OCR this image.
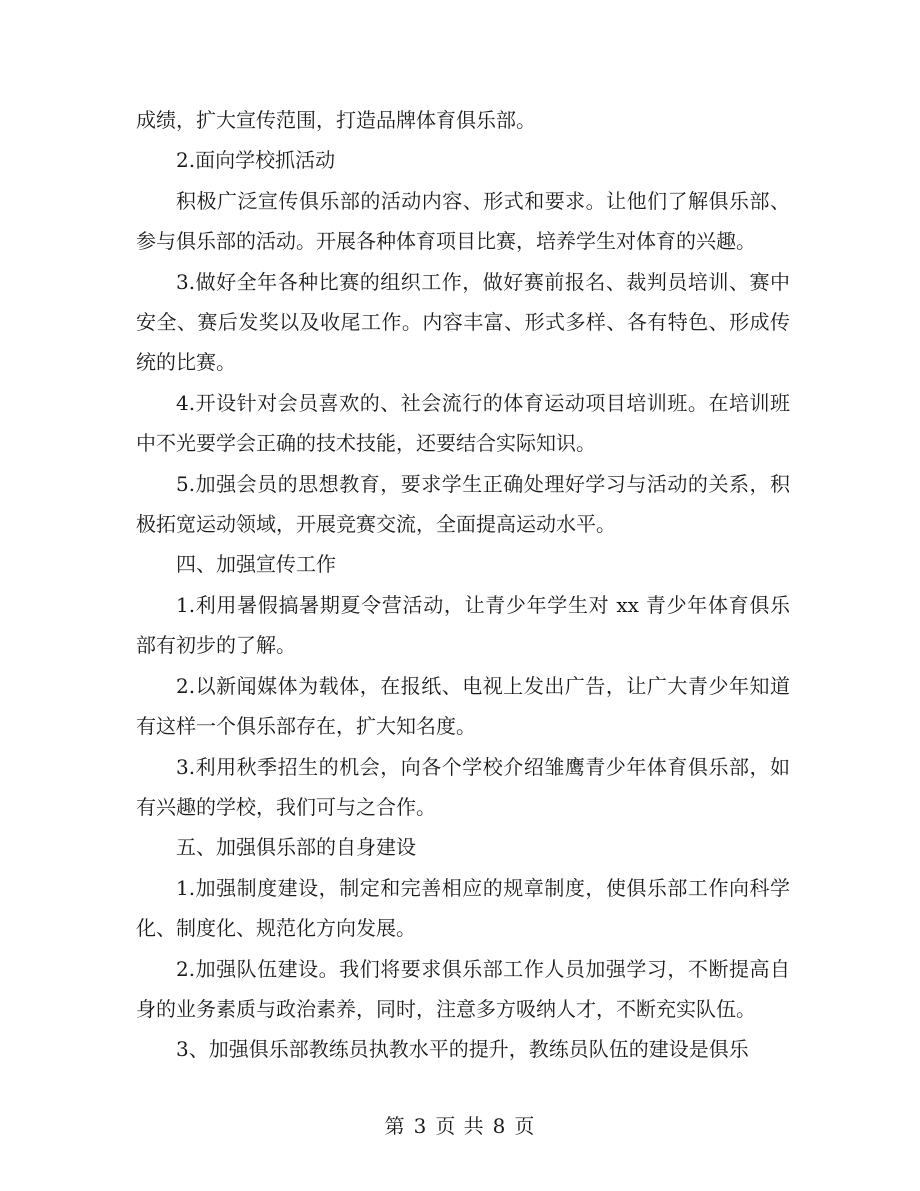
成绩，扩大宣传范围，打造品牌体育俱乐部。

2.面向学校抓活动

积极广泛宣传俱乐部的活动内容、形式和要求。让他们了解俱乐部、参与俱乐部的活动。开展各种体育项目比赛，培养学生对体育的兴趣。

3.做好全年各种比赛的组织工作，做好赛前报名、裁判员培训、赛中安全、赛后发奖以及收尾工作。内容丰富、形式多样、各有特色、形成传统的比赛。

4.开设针对会员喜欢的、社会流行的体育运动项目培训班。在培训班中不光要学会正确的技术技能，还要结合实际知识。

5.加强会员的思想教育，要求学生正确处理好学习与活动的关系，积极拓宽运动领域，开展竞赛交流，全面提高运动水平。

四、加强宣传工作

1.利用暑假搞暑期夏令营活动，让青少年学生对 xx 青少年体育俱乐部有初步的了解。

2.以新闻媒体为载体，在报纸、电视上发出广告，让广大青少年知道有这样一个俱乐部存在，扩大知名度。

3.利用秋季招生的机会，向各个学校介绍雏鹰青少年体育俱乐部，如有兴趣的学校，我们可与之合作。

五、加强俱乐部的自身建设

1.加强制度建设，制定和完善相应的规章制度，使俱乐部工作向科学化、制度化、规范化方向发展。

2.加强队伍建设。我们将要求俱乐部工作人员加强学习，不断提高自身的业务素质与政治素养，同时，注意多方吸纳人才，不断充实队伍。

3、加强俱乐部教练员执教水平的提升，教练员队伍的建设是俱乐

第 3 页 共 8 页
